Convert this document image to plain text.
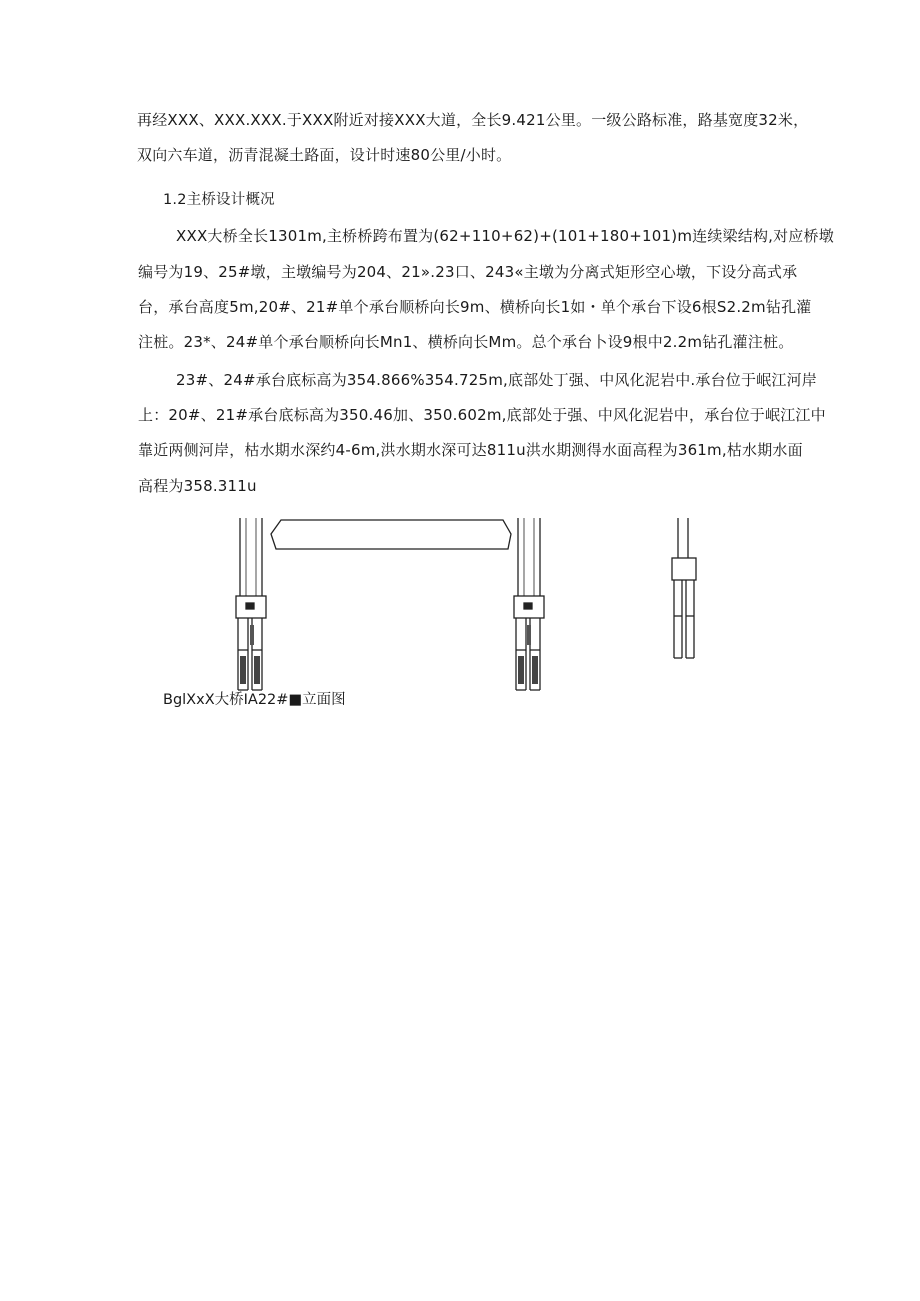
再经XXX、XXX.XXX.于XXX附近对接XXX大道，全长9.421公里。一级公路标准，路基宽度32米，
双向六车道，沥青混凝土路面，设计时速80公里/小时。
1.2主桥设计概况
XXX大桥全长1301m,主桥桥跨布置为(62+110+62)+(101+180+101)m连续梁结构,对应桥墩
编号为19、25#墩，主墩编号为204、21».23口、243«主墩为分离式矩形空心墩，下设分高式承
台，承台高度5m,20#、21#单个承台顺桥向长9m、横桥向长1如・单个承台下设6根S2.2m钻孔灌
注桩。23*、24#单个承台顺桥向长Mn1、横桥向长Mm。总个承台卜设9根中2.2m钻孔灌注桩。
23#、24#承台底标高为354.866%354.725m,底部处丁强、中风化泥岩中.承台位于岷江河岸
上：20#、21#承台底标高为350.46加、350.602m,底部处于强、中风化泥岩中，承台位于岷江江中
靠近两侧河岸，枯水期水深约4-6m,洪水期水深可达811u洪水期测得水面高程为361m,枯水期水面
高程为358.311u
BglXxX大桥IA22#■立面图
